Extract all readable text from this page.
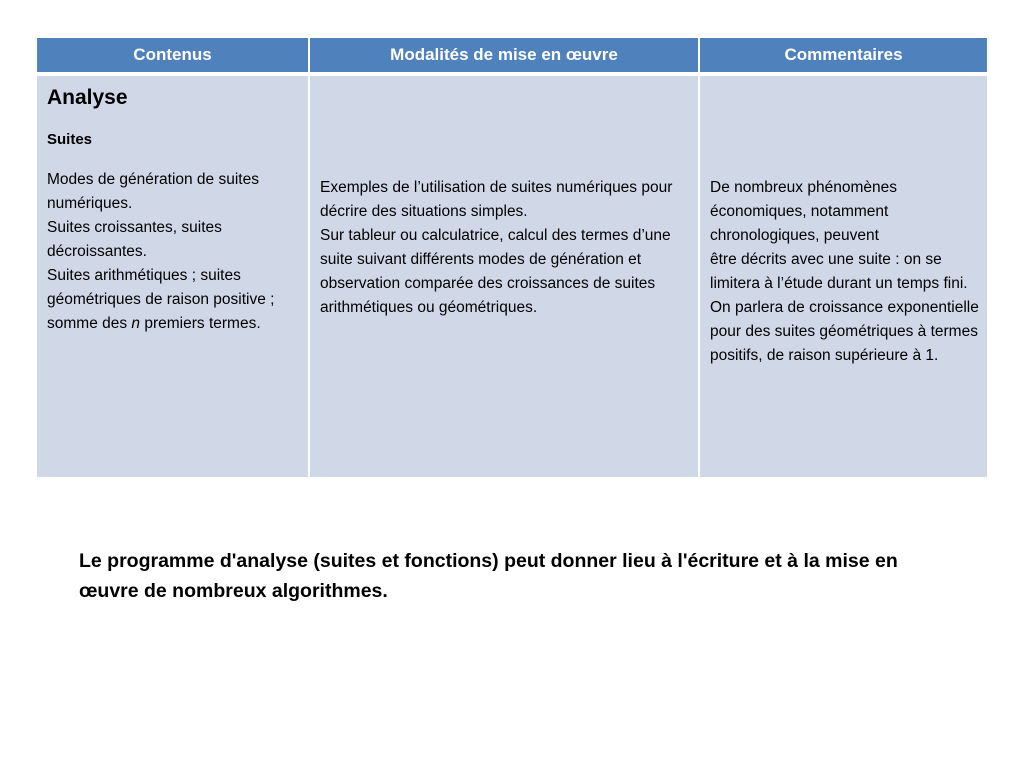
Contenus	Modalités de mise en œuvre	Commentaires
Analyse
Suites

Modes de génération de suites numériques.

Suites croissantes, suites décroissantes.

Suites arithmétiques ; suites géométriques de raison positive ; somme des n premiers termes.

Exemples de l’utilisation de suites numériques pour décrire des situations simples.

Sur tableur ou calculatrice, calcul des termes d’une suite suivant différents modes de génération et observation comparée des croissances de suites arithmétiques ou géométriques.

De nombreux phénomènes économiques, notamment chronologiques, peuvent

être décrits avec une suite : on se limitera à l’étude durant un temps fini.

On parlera de croissance exponentielle pour des suites géométriques à termes positifs, de raison supérieure à 1.

Le programme d'analyse (suites et fonctions) peut donner lieu à l'écriture et à la mise en œuvre de nombreux algorithmes.
